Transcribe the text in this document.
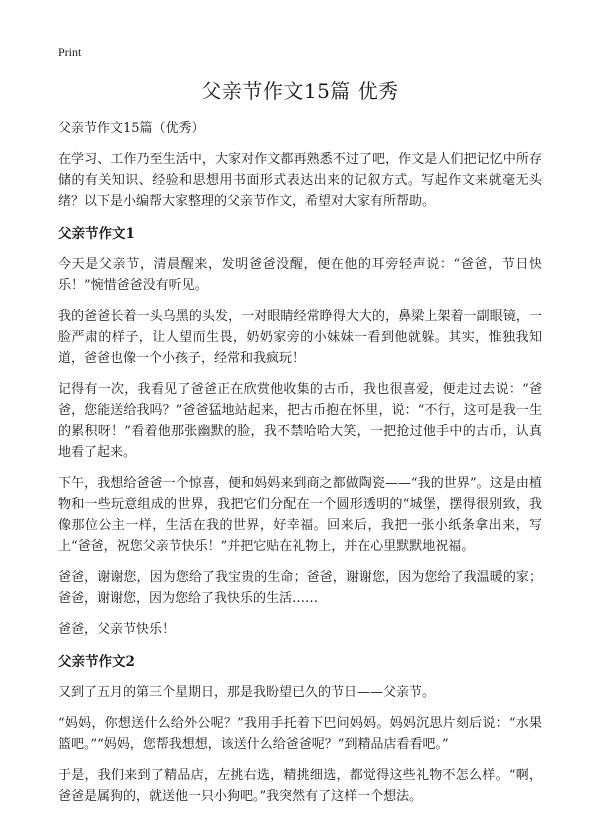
Print
父亲节作文15篇 优秀
父亲节作文15篇（优秀）

在学习、工作乃至生活中，大家对作文都再熟悉不过了吧，作文是人们把记忆中所存储的有关知识、经验和思想用书面形式表达出来的记叙方式。写起作文来就毫无头绪？以下是小编帮大家整理的父亲节作文，希望对大家有所帮助。

父亲节作文1

今天是父亲节，清晨醒来，发明爸爸没醒，便在他的耳旁轻声说：“爸爸，节日快乐！”惋惜爸爸没有听见。

我的爸爸长着一头乌黑的头发，一对眼睛经常睁得大大的，鼻梁上架着一副眼镜，一脸严肃的样子，让人望而生畏，奶奶家旁的小妹妹一看到他就躲。其实，惟独我知道，爸爸也像一个小孩子，经常和我疯玩！

记得有一次，我看见了爸爸正在欣赏他收集的古币，我也很喜爱，便走过去说：“爸爸，您能送给我吗？”爸爸猛地站起来，把古币抱在怀里，说：“不行，这可是我一生的累积呀！”看着他那张幽默的脸，我不禁哈哈大笑，一把抢过他手中的古币，认真地看了起来。

下午，我想给爸爸一个惊喜，便和妈妈来到商之都做陶瓷——“我的世界”。这是由植物和一些玩意组成的世界，我把它们分配在一个圆形透明的“城堡，摆得很别致，我像那位公主一样，生活在我的世界，好幸福。回来后，我把一张小纸条拿出来，写上“爸爸，祝您父亲节快乐！”并把它贴在礼物上，并在心里默默地祝福。

爸爸，谢谢您，因为您给了我宝贵的生命；爸爸，谢谢您，因为您给了我温暖的家；爸爸，谢谢您，因为您给了我快乐的生活……

爸爸，父亲节快乐！

父亲节作文2

又到了五月的第三个星期日，那是我盼望已久的节日——父亲节。

“妈妈，你想送什么给外公呢？”我用手托着下巴问妈妈。妈妈沉思片刻后说：“水果篮吧。”“妈妈，您帮我想想，该送什么给爸爸呢？”到精品店看看吧。”

于是，我们来到了精品店，左挑右选，精挑细选，都觉得这些礼物不怎么样。“啊，爸爸是属狗的，就送他一只小狗吧。”我突然有了这样一个想法。
